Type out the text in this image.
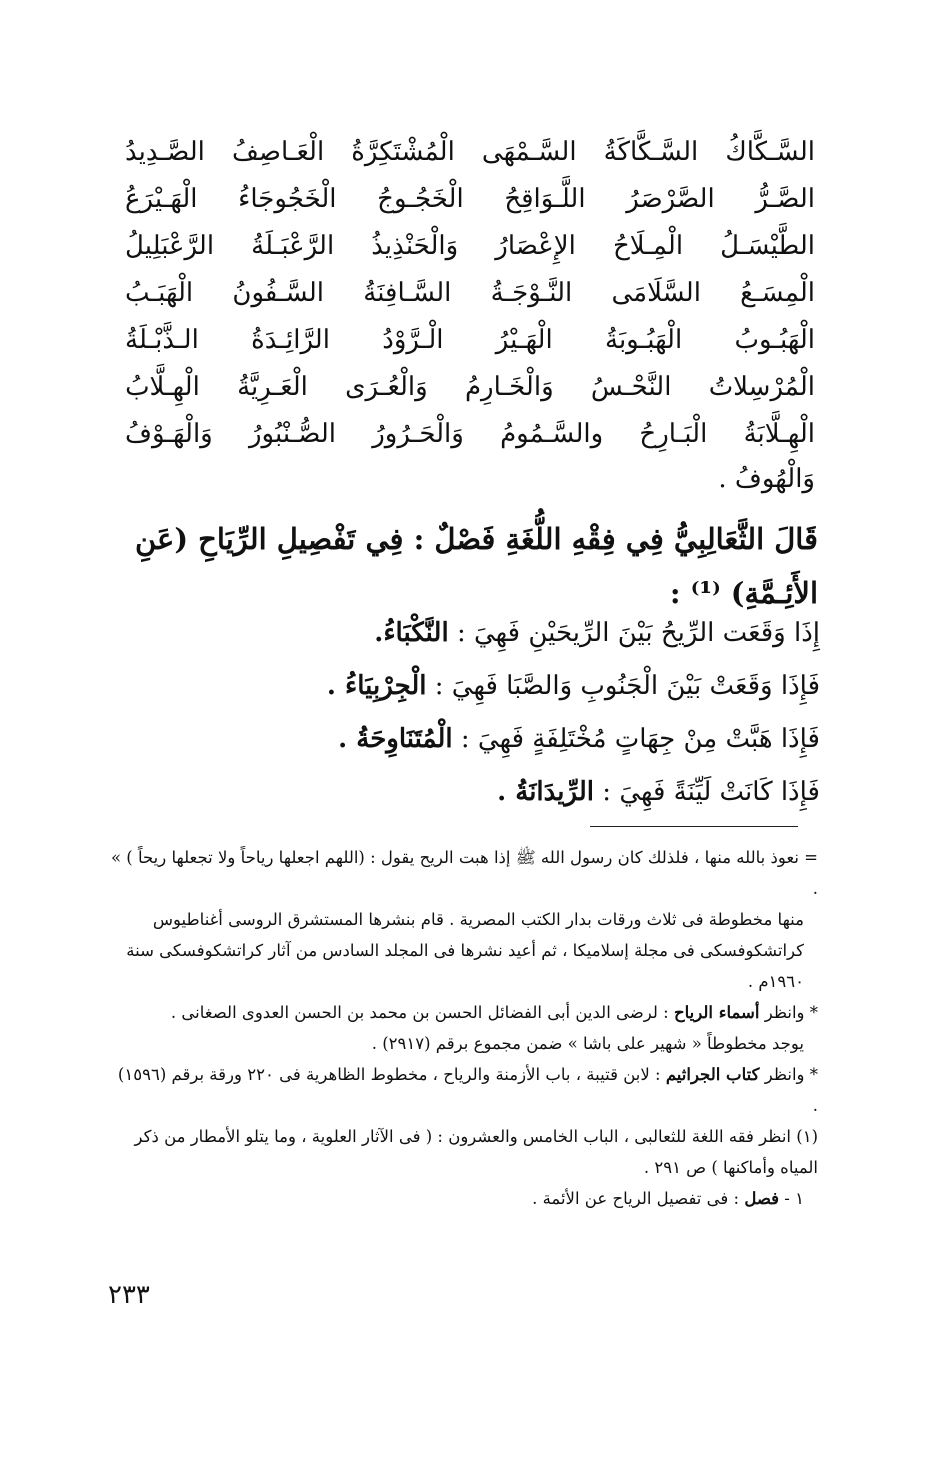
السَّـكَّاكُ
السَّـكَّاكَةُ
السَّـمْهَى
الْمُشْتَكِرَّةُ
الْعَـاصِفُ
الصَّـدِيدُ
الصَّـرُّ
الصَّرْصَرُ
اللَّـوَاقِحُ
الْخَجُـوجُ
الْخَجُوجَاءُ
الْهَـيْرَعُ
الطَّيْسَـلُ
الْمِـلَاحُ
الإِعْصَارُ
وَالْحَنْذِيذُ
الرَّعْبَـلَةُ
الرَّعْبَلِيلُ
الْمِسَـعُ
السَّلَامَى
النَّـوْجَـةُ
السَّـافِنَةُ
السَّـفُونُ
الْهَبَـبُ
الْهَبُـوبُ
الْهَبُـوبَةُ
الْهَـيْرُ
الْـرَّوْدُ
الرَّائِـدَةُ
الـذَّبْـلَةُ
الْمُرْسِلاتُ
النَّحْـسُ
وَالْخَـارِمُ
وَالْعُـرَى
الْعَـرِيَّةُ
الْهِـلَّابُ
الْهِـلَّابَةُ
الْبَـارِحُ
والسَّـمُومُ
وَالْحَـرُورُ
الصُّـنْبُورُ
وَالْهَـوْفُ
وَالْهُوفُ .
قَالَ الثَّعَالِبِيُّ فِي فِقْهِ اللُّغَةِ فَصْلٌ : فِي تَفْصِيلِ الرِّيَاحِ (عَنِ الأَئِـمَّةِ) ⁽¹⁾ :
إِذَا وَقَعَت الرِّيحُ بَيْنَ الرِّيحَيْنِ فَهِيَ : النَّكْبَاءُ.
فَإِذَا وَقَعَتْ بَيْنَ الْجَنُوبِ وَالصَّبَا فَهِيَ : الْجِرْبِيَاءُ .
فَإِذَا هَبَّتْ مِنْ جِهَاتٍ مُخْتَلِفَةٍ فَهِيَ : الْمُتَنَاوِحَةُ .
فَإِذَا كَانَتْ لَيِّنَةً فَهِيَ : الرِّيدَانَةُ .

= نعوذ بالله منها ، فلذلك كان رسول الله ﷺ إذا هبت الريح يقول : (اللهم اجعلها رياحاً ولا تجعلها ريحاً ) » .

منها مخطوطة فى ثلاث ورقات بدار الكتب المصرية . قام بنشرها المستشرق الروسى أغناطيوس كراتشكوفسكى فى مجلة إسلاميكا ، ثم أعيد نشرها فى المجلد السادس من آثار كراتشكوفسكى سنة ١٩٦٠م .

* وانظر أسماء الرياح : لرضى الدين أبى الفضائل الحسن بن محمد بن الحسن العدوى الصغانى .

يوجد مخطوطاً « شهير على باشا » ضمن مجموع برقم (٢٩١٧) .

* وانظر كتاب الجراثيم : لابن قتيبة ، باب الأزمنة والرياح ، مخطوط الظاهرية فى ٢٢٠ ورقة برقم (١٥٩٦) .

(١) انظر فقه اللغة للثعالبى ، الباب الخامس والعشرون : ( فى الآثار العلوية ، وما يتلو الأمطار من ذكر المياه وأماكنها ) ص ٢٩١ .

١ - فصل : فى تفصيل الرياح عن الأئمة .

٢٣٣
